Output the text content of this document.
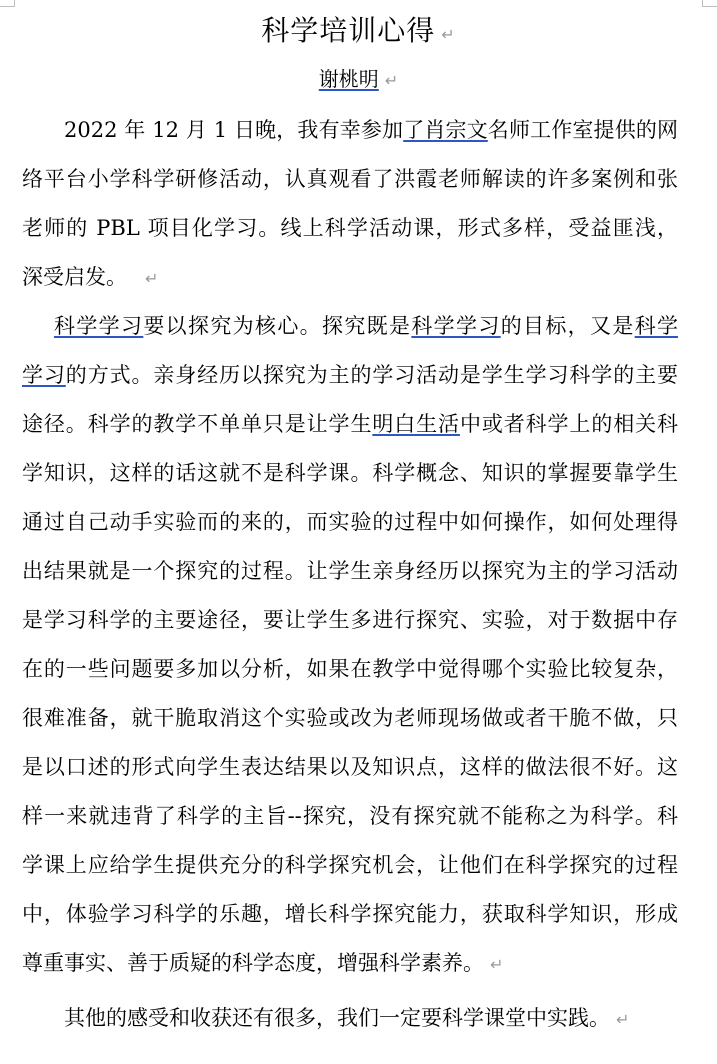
科学培训心得 ↵
谢桃明 ↵
2022 年 12 月 1 日晚，我有幸参加了肖宗文名师工作室提供的网
络平台小学科学研修活动，认真观看了洪霞老师解读的许多案例和张
老师的 PBL 项目化学习。线上科学活动课，形式多样，受益匪浅，
深受启发。 ↵
科学学习要以探究为核心。探究既是科学学习的目标，又是科学
学习的方式。亲身经历以探究为主的学习活动是学生学习科学的主要
途径。科学的教学不单单只是让学生明白生活中或者科学上的相关科
学知识，这样的话这就不是科学课。科学概念、知识的掌握要靠学生
通过自己动手实验而的来的，而实验的过程中如何操作，如何处理得
出结果就是一个探究的过程。让学生亲身经历以探究为主的学习活动
是学习科学的主要途径，要让学生多进行探究、实验，对于数据中存
在的一些问题要多加以分析，如果在教学中觉得哪个实验比较复杂，
很难准备，就干脆取消这个实验或改为老师现场做或者干脆不做，只
是以口述的形式向学生表达结果以及知识点，这样的做法很不好。这
样一来就违背了科学的主旨--探究，没有探究就不能称之为科学。科
学课上应给学生提供充分的科学探究机会，让他们在科学探究的过程
中，体验学习科学的乐趣，增长科学探究能力，获取科学知识，形成
尊重事实、善于质疑的科学态度，增强科学素养。 ↵
其他的感受和收获还有很多，我们一定要科学课堂中实践。 ↵
